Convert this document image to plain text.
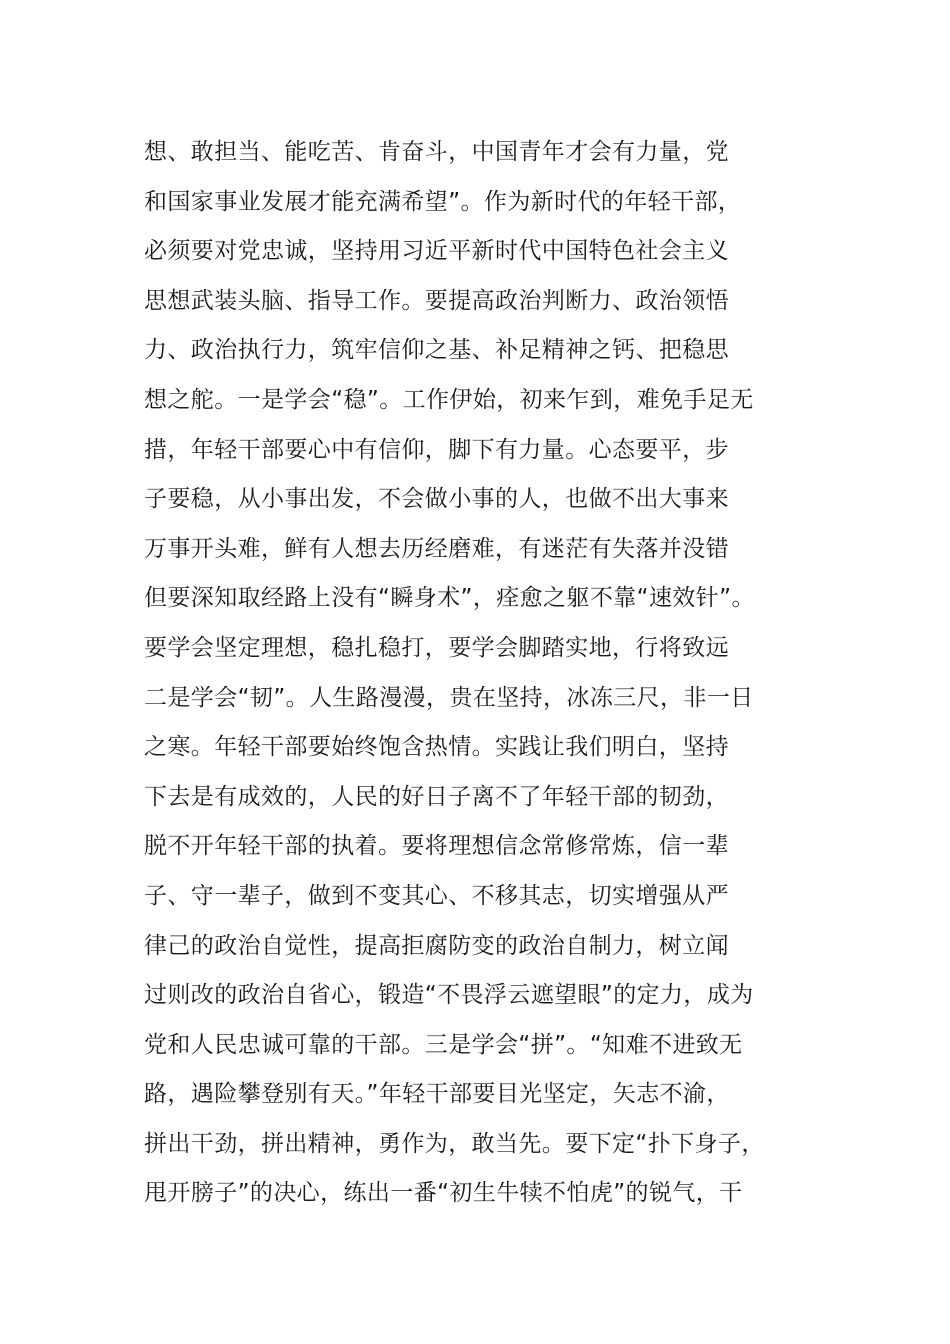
想、敢担当、能吃苦、肯奋斗，中国青年才会有力量，党
和国家事业发展才能充满希望”。作为新时代的年轻干部，
必须要对党忠诚，坚持用习近平新时代中国特色社会主义
思想武装头脑、指导工作。要提高政治判断力、政治领悟
力、政治执行力，筑牢信仰之基、补足精神之钙、把稳思
想之舵。一是学会“稳”。工作伊始，初来乍到，难免手足无
措，年轻干部要心中有信仰，脚下有力量。心态要平，步
子要稳，从小事出发，不会做小事的人，也做不出大事来
万事开头难，鲜有人想去历经磨难，有迷茫有失落并没错
但要深知取经路上没有“瞬身术”，痊愈之躯不靠“速效针”。
要学会坚定理想，稳扎稳打，要学会脚踏实地，行将致远
二是学会“韧”。人生路漫漫，贵在坚持，冰冻三尺，非一日
之寒。年轻干部要始终饱含热情。实践让我们明白，坚持
下去是有成效的，人民的好日子离不了年轻干部的韧劲，
脱不开年轻干部的执着。要将理想信念常修常炼，信一辈
子、守一辈子，做到不变其心、不移其志，切实增强从严
律己的政治自觉性，提高拒腐防变的政治自制力，树立闻
过则改的政治自省心，锻造“不畏浮云遮望眼”的定力，成为
党和人民忠诚可靠的干部。三是学会“拼”。“知难不进致无
路，遇险攀登别有天。”年轻干部要目光坚定，矢志不渝，
拼出干劲，拼出精神，勇作为，敢当先。要下定“扑下身子，
甩开膀子”的决心，练出一番“初生牛犊不怕虎”的锐气，干
